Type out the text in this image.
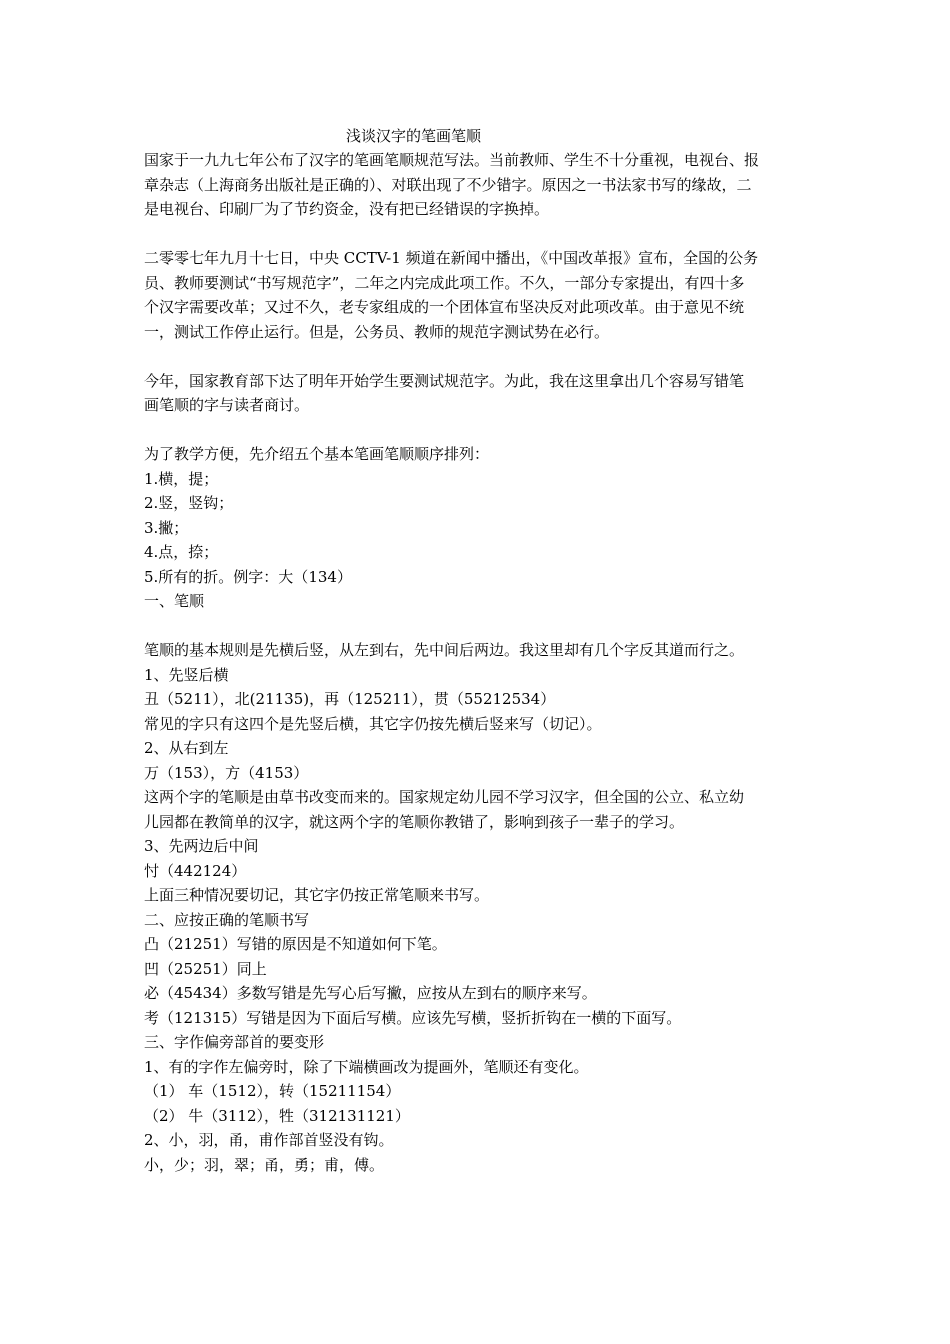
浅谈汉字的笔画笔顺
国家于一九九七年公布了汉字的笔画笔顺规范写法。当前教师、学生不十分重视，电视台、报
章杂志（上海商务出版社是正确的）、对联出现了不少错字。原因之一书法家书写的缘故，二
是电视台、印刷厂为了节约资金，没有把已经错误的字换掉。
二零零七年九月十七日，中央 CCTV-1 频道在新闻中播出，《中国改革报》宣布，全国的公务
员、教师要测试“书写规范字”，二年之内完成此项工作。不久，一部分专家提出，有四十多
个汉字需要改革；又过不久，老专家组成的一个团体宣布坚决反对此项改革。由于意见不统
一，测试工作停止运行。但是，公务员、教师的规范字测试势在必行。
今年，国家教育部下达了明年开始学生要测试规范字。为此，我在这里拿出几个容易写错笔
画笔顺的字与读者商讨。
为了教学方便，先介绍五个基本笔画笔顺顺序排列：
1.横，提；
2.竖，竖钩；
3.撇；
4.点，捺；
5.所有的折。例字：大（134）
一、笔顺
笔顺的基本规则是先横后竖，从左到右，先中间后两边。我这里却有几个字反其道而行之。
1、先竖后横
丑（5211），北(21135)，再（125211），贯（55212534）
常见的字只有这四个是先竖后横，其它字仍按先横后竖来写（切记）。
2、从右到左
万（153），方（4153）
这两个字的笔顺是由草书改变而来的。国家规定幼儿园不学习汉字，但全国的公立、私立幼
儿园都在教简单的汉字，就这两个字的笔顺你教错了，影响到孩子一辈子的学习。
3、先两边后中间
忖（442124）
上面三种情况要切记，其它字仍按正常笔顺来书写。
二、应按正确的笔顺书写
凸（21251）写错的原因是不知道如何下笔。
凹（25251）同上
必（45434）多数写错是先写心后写撇，应按从左到右的顺序来写。
考（121315）写错是因为下面后写横。应该先写横，竖折折钩在一横的下面写。
三、字作偏旁部首的要变形
1、有的字作左偏旁时，除了下端横画改为提画外，笔顺还有变化。
（1） 车（1512），转（15211154）
（2） 牛（3112），牲（312131121）
2、小，羽，甬，甫作部首竖没有钩。
小，少；羽，翠；甬，勇；甫，傅。
